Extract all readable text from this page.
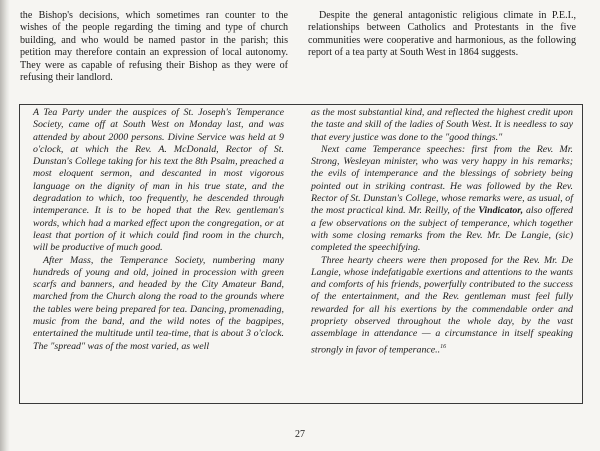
the Bishop's decisions, which sometimes ran counter to the wishes of the people regarding the timing and type of church building, and who would be named pastor in the parish; this petition may therefore contain an expression of local autonomy. They were as capable of refusing their Bishop as they were of refusing their landlord.

Despite the general antagonistic religious climate in P.E.I., relationships between Catholics and Protestants in the five communities were cooperative and harmonious, as the following report of a tea party at South West in 1864 suggests.

A Tea Party under the auspices of St. Joseph's Temperance Society, came off at South West on Monday last, and was attended by about 2000 persons. Divine Service was held at 9 o'clock, at which the Rev. A. McDonald, Rector of St. Dunstan's College taking for his text the 8th Psalm, preached a most eloquent sermon, and descanted in most vigorous language on the dignity of man in his true state, and the degradation to which, too frequently, he descended through intemperance. It is to be hoped that the Rev. gentleman's words, which had a marked effect upon the congregation, or at least that portion of it which could find room in the church, will be productive of much good.

After Mass, the Temperance Society, numbering many hundreds of young and old, joined in procession with green scarfs and banners, and headed by the City Amateur Band, marched from the Church along the road to the grounds where the tables were being prepared for tea. Dancing, promenading, music from the band, and the wild notes of the bagpipes, entertained the multitude until tea-time, that is about 3 o'clock. The "spread" was of the most varied, as well

as the most substantial kind, and reflected the highest credit upon the taste and skill of the ladies of South West. It is needless to say that every justice was done to the "good things."

Next came Temperance speeches: first from the Rev. Mr. Strong, Wesleyan minister, who was very happy in his remarks; the evils of intemperance and the blessings of sobriety being pointed out in striking contrast. He was followed by the Rev. Rector of St. Dunstan's College, whose remarks were, as usual, of the most practical kind. Mr. Reilly, of the Vindicator, also offered a few observations on the subject of temperance, which together with some closing remarks from the Rev. Mr. De Langie, (sic) completed the speechifying.

Three hearty cheers were then proposed for the Rev. Mr. De Langie, whose indefatigable exertions and attentions to the wants and comforts of his friends, powerfully contributed to the success of the entertainment, and the Rev. gentleman must feel fully rewarded for all his exertions by the commendable order and propriety observed throughout the whole day, by the vast assemblage in attendance — a circumstance in itself speaking strongly in favor of temperance..$^{16}$

27
